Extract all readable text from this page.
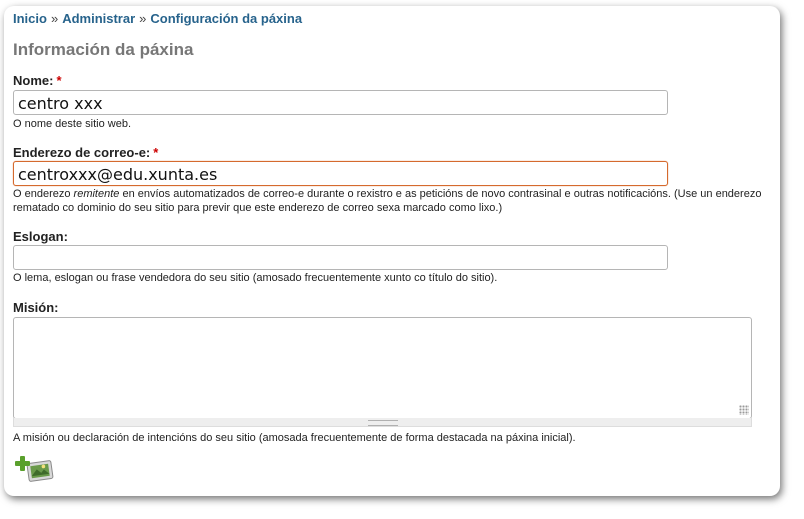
Inicio » Administrar » Configuración da páxina
Información da páxina
Nome: *
centro xxx
O nome deste sitio web.
Enderezo de correo-e: *
centroxxx@edu.xunta.es
O enderezo remitente en envíos automatizados de correo-e durante o rexistro e as peticións de novo contrasinal e outras notificacións. (Use un enderezo rematado co dominio do seu sitio para previr que este enderezo de correo sexa marcado como lixo.)
Eslogan:
O lema, eslogan ou frase vendedora do seu sitio (amosado frecuentemente xunto co título do sitio).
Misión:
A misión ou declaración de intencións do seu sitio (amosada frecuentemente de forma destacada na páxina inicial).
